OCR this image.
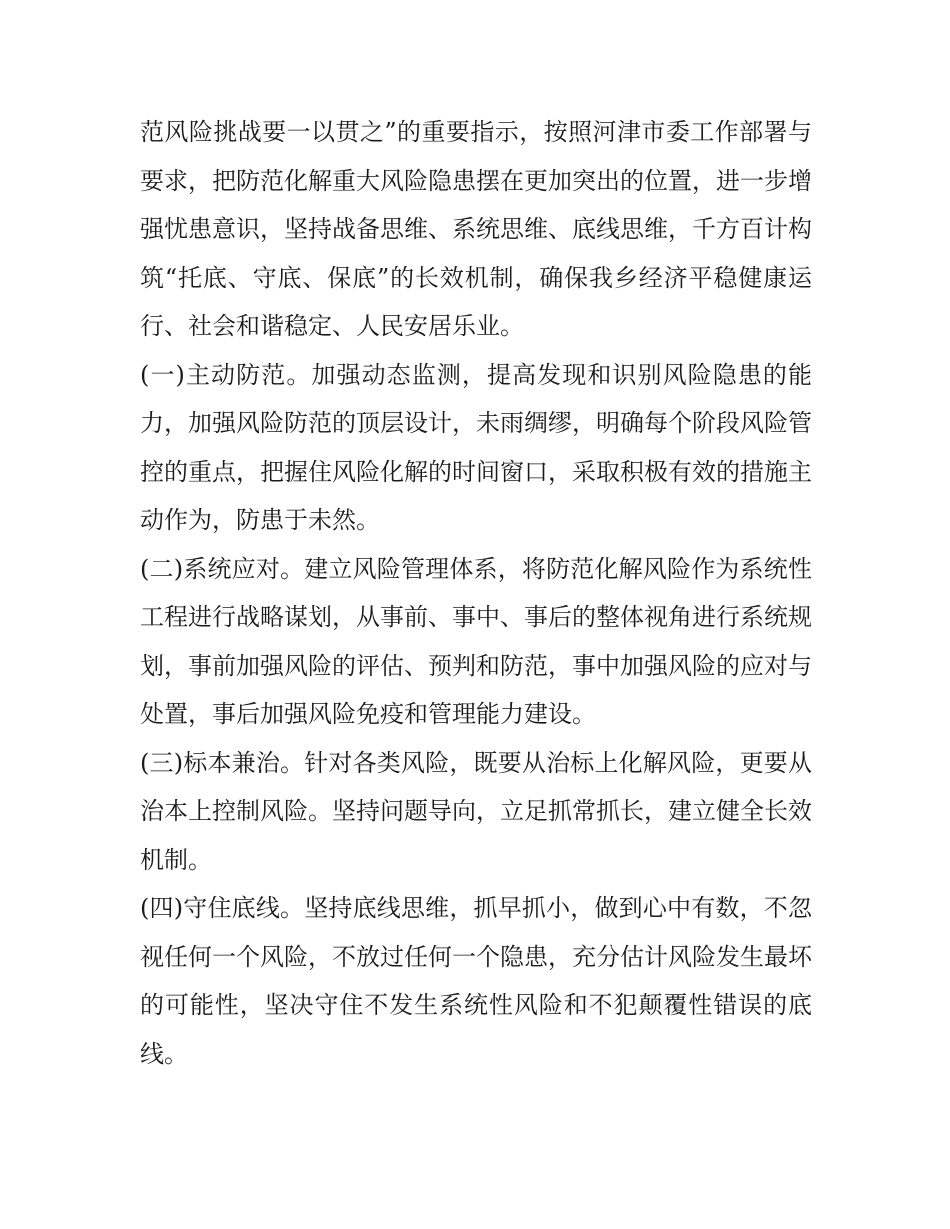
范风险挑战要一以贯之”的重要指示，按照河津市委工作部署与要求，把防范化解重大风险隐患摆在更加突出的位置，进一步增强忧患意识，坚持战备思维、系统思维、底线思维，千方百计构筑“托底、守底、保底”的长效机制，确保我乡经济平稳健康运行、社会和谐稳定、人民安居乐业。

(一)主动防范。加强动态监测，提高发现和识别风险隐患的能力，加强风险防范的顶层设计，未雨绸缪，明确每个阶段风险管控的重点，把握住风险化解的时间窗口，采取积极有效的措施主动作为，防患于未然。

(二)系统应对。建立风险管理体系，将防范化解风险作为系统性工程进行战略谋划，从事前、事中、事后的整体视角进行系统规划，事前加强风险的评估、预判和防范，事中加强风险的应对与处置，事后加强风险免疫和管理能力建设。

(三)标本兼治。针对各类风险，既要从治标上化解风险，更要从治本上控制风险。坚持问题导向，立足抓常抓长，建立健全长效机制。

(四)守住底线。坚持底线思维，抓早抓小，做到心中有数，不忽视任何一个风险，不放过任何一个隐患，充分估计风险发生最坏的可能性，坚决守住不发生系统性风险和不犯颠覆性错误的底线。
